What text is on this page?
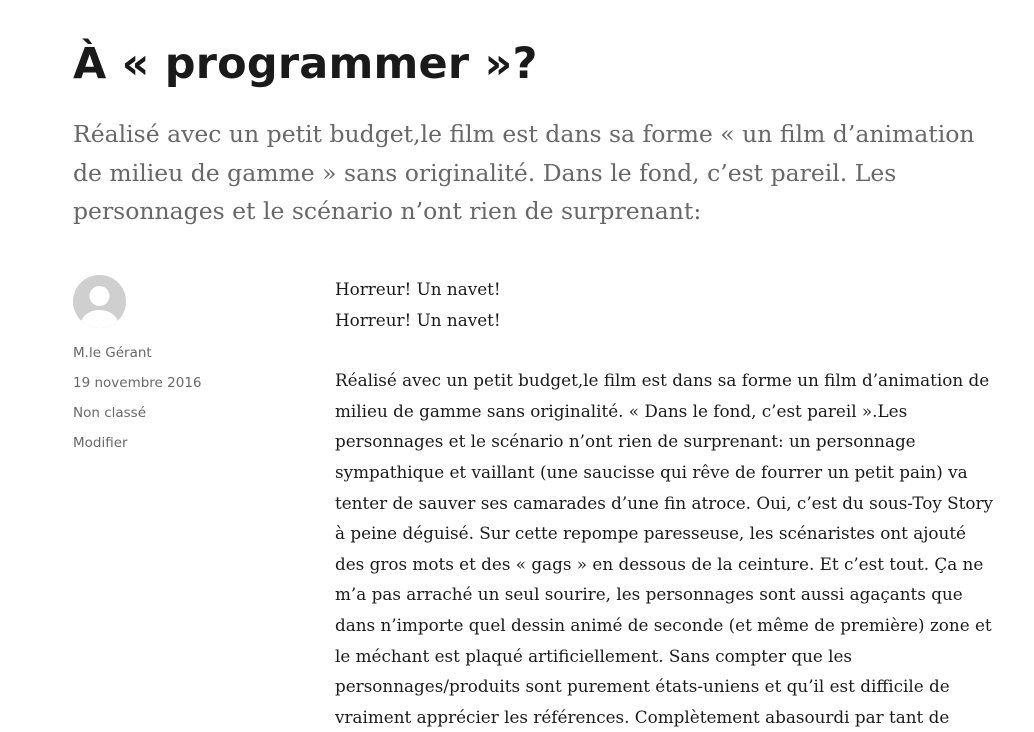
À « programmer »?

Réalisé avec un petit budget,le film est dans sa forme « un film d’animation de milieu de gamme » sans originalité. Dans le fond, c’est pareil. Les personnages et le scénario n’ont rien de surprenant:

M.le Gérant
19 novembre 2016
Non classé
Modifier

Horreur! Un navet!

Horreur! Un navet!

Réalisé avec un petit budget,le film est dans sa forme un film d’animation de milieu de gamme sans originalité. « Dans le fond, c’est pareil ».Les personnages et le scénario n’ont rien de surprenant: un personnage sympathique et vaillant (une saucisse qui rêve de fourrer un petit pain) va tenter de sauver ses camarades d’une fin atroce. Oui, c’est du sous-Toy Story à peine déguisé. Sur cette repompe paresseuse, les scénaristes ont ajouté des gros mots et des « gags » en dessous de la ceinture. Et c’est tout. Ça ne m’a pas arraché un seul sourire, les personnages sont aussi agaçants que dans n’importe quel dessin animé de seconde (et même de première) zone et le méchant est plaqué artificiellement. Sans compter que les personnages/produits sont purement états-uniens et qu’il est difficile de vraiment apprécier les références. Complètement abasourdi par tant de
